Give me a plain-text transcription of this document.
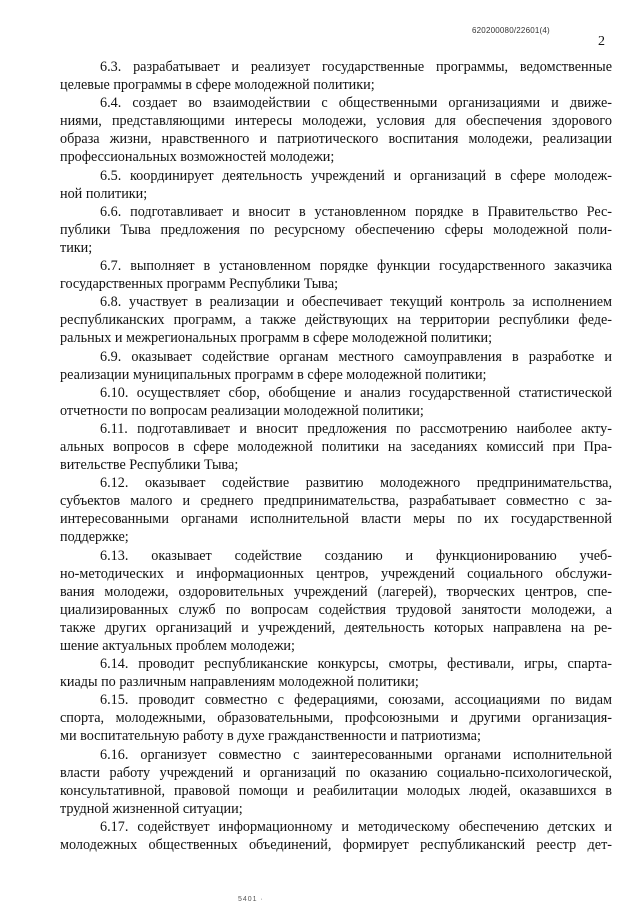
620200080/22601(4)
2
6.3. разрабатывает и реализует государственные программы, ведомственные
целевые программы в сфере молодежной политики;
6.4. создает во взаимодействии с общественными организациями и движе-
ниями, представляющими интересы молодежи, условия для обеспечения здорового
образа жизни, нравственного и патриотического воспитания молодежи, реализации
профессиональных возможностей молодежи;
6.5. координирует деятельность учреждений и организаций в сфере молодеж-
ной политики;
6.6. подготавливает и вносит в установленном порядке в Правительство Рес-
публики Тыва предложения по ресурсному обеспечению сферы молодежной поли-
тики;
6.7. выполняет в установленном порядке функции государственного заказчика
государственных программ Республики Тыва;
6.8. участвует в реализации и обеспечивает текущий контроль за исполнением
республиканских программ, а также действующих на территории республики феде-
ральных и межрегиональных программ в сфере молодежной политики;
6.9. оказывает содействие органам местного самоуправления в разработке и
реализации муниципальных программ в сфере молодежной политики;
6.10. осуществляет сбор, обобщение и анализ государственной статистической
отчетности по вопросам реализации молодежной политики;
6.11. подготавливает и вносит предложения по рассмотрению наиболее акту-
альных вопросов в сфере молодежной политики на заседаниях комиссий при Пра-
вительстве Республики Тыва;
6.12. оказывает содействие развитию молодежного предпринимательства,
субъектов малого и среднего предпринимательства, разрабатывает совместно с за-
интересованными органами исполнительной власти меры по их государственной
поддержке;
6.13. оказывает содействие созданию и функционированию учеб-
но-методических и информационных центров, учреждений социального обслужи-
вания молодежи, оздоровительных учреждений (лагерей), творческих центров, спе-
циализированных служб по вопросам содействия трудовой занятости молодежи, а
также других организаций и учреждений, деятельность которых направлена на ре-
шение актуальных проблем молодежи;
6.14. проводит республиканские конкурсы, смотры, фестивали, игры, спарта-
киады по различным направлениям молодежной политики;
6.15. проводит совместно с федерациями, союзами, ассоциациями по видам
спорта, молодежными, образовательными, профсоюзными и другими организация-
ми воспитательную работу в духе гражданственности и патриотизма;
6.16. организует совместно с заинтересованными органами исполнительной
власти работу учреждений и организаций по оказанию социально-психологической,
консультативной, правовой помощи и реабилитации молодых людей, оказавшихся в
трудной жизненной ситуации;
6.17. содействует информационному и методическому обеспечению детских и
молодежных общественных объединений, формирует республиканский реестр дет-
5401 ·
